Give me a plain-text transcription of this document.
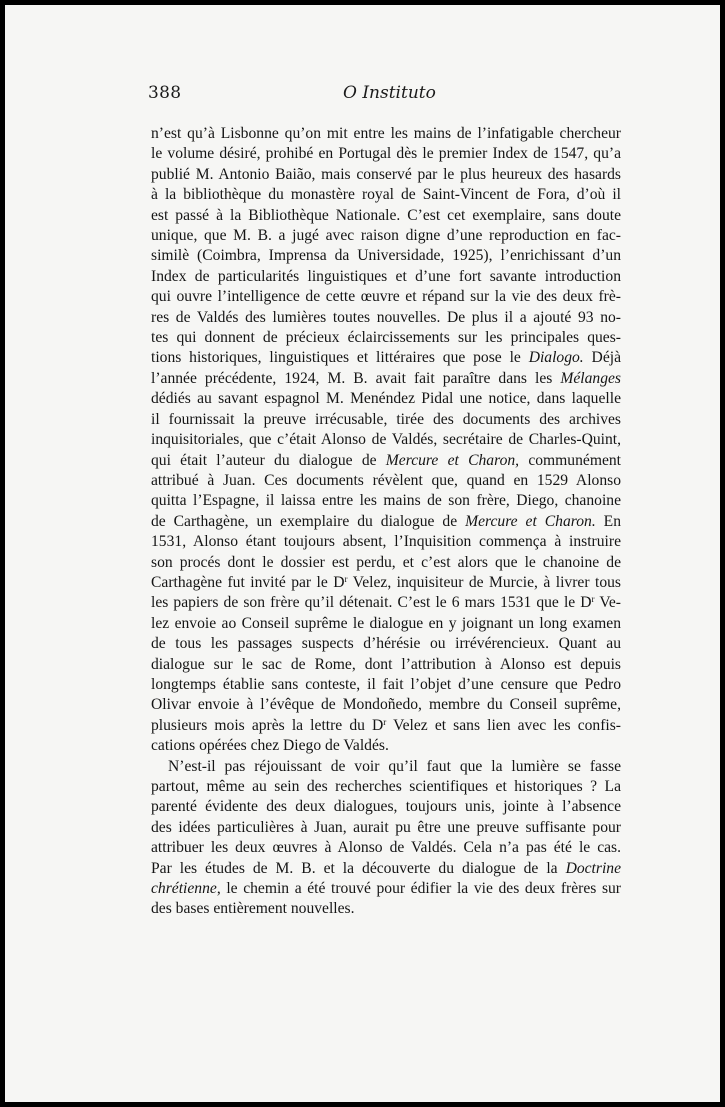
388	O Instituto
n’est qu’à Lisbonne qu’on mit entre les mains de l’infatigable chercheur
le volume désiré, prohibé en Portugal dès le premier Index de 1547, qu’a
publié M. Antonio Baião, mais conservé par le plus heureux des hasards
à la bibliothèque du monastère royal de Saint-Vincent de Fora, d’où il
est passé à la Bibliothèque Nationale. C’est cet exemplaire, sans doute
unique, que M. B. a jugé avec raison digne d’une reproduction en fac-
similè (Coimbra, Imprensa da Universidade, 1925), l’enrichissant d’un
Index de particularités linguistiques et d’une fort savante introduction
qui ouvre l’intelligence de cette œuvre et répand sur la vie des deux frè-
res de Valdés des lumières toutes nouvelles. De plus il a ajouté 93 no-
tes qui donnent de précieux éclaircissements sur les principales ques-
tions historiques, linguistiques et littéraires que pose le Dialogo. Déjà
l’année précédente, 1924, M. B. avait fait paraître dans les Mélanges
dédiés au savant espagnol M. Menéndez Pidal une notice, dans laquelle
il fournissait la preuve irrécusable, tirée des documents des archives
inquisitoriales, que c’était Alonso de Valdés, secrétaire de Charles-Quint,
qui était l’auteur du dialogue de Mercure et Charon, communément
attribué à Juan. Ces documents révèlent que, quand en 1529 Alonso
quitta l’Espagne, il laissa entre les mains de son frère, Diego, chanoine
de Carthagène, un exemplaire du dialogue de Mercure et Charon. En
1531, Alonso étant toujours absent, l’Inquisition commença à instruire
son procés dont le dossier est perdu, et c’est alors que le chanoine de
Carthagène fut invité par le $D^r$ Velez, inquisiteur de Murcie, à livrer tous
les papiers de son frère qu’il détenait. C’est le 6 mars 1531 que le $D^r$ Ve-
lez envoie ao Conseil suprême le dialogue en y joignant un long examen
de tous les passages suspects d’hérésie ou irrévérencieux. Quant au
dialogue sur le sac de Rome, dont l’attribution à Alonso est depuis
longtemps établie sans conteste, il fait l’objet d’une censure que Pedro
Olivar envoie à l’évêque de Mondoñedo, membre du Conseil suprême,
plusieurs mois après la lettre du $D^r$ Velez et sans lien avec les confis-
cations opérées chez Diego de Valdés.
N’est-il pas réjouissant de voir qu’il faut que la lumière se fasse
partout, même au sein des recherches scientifiques et historiques ? La
parenté évidente des deux dialogues, toujours unis, jointe à l’absence
des idées particulières à Juan, aurait pu être une preuve suffisante pour
attribuer les deux œuvres à Alonso de Valdés. Cela n’a pas été le cas.
Par les études de M. B. et la découverte du dialogue de la Doctrine
chrétienne, le chemin a été trouvé pour édifier la vie des deux frères sur
des bases entièrement nouvelles.
